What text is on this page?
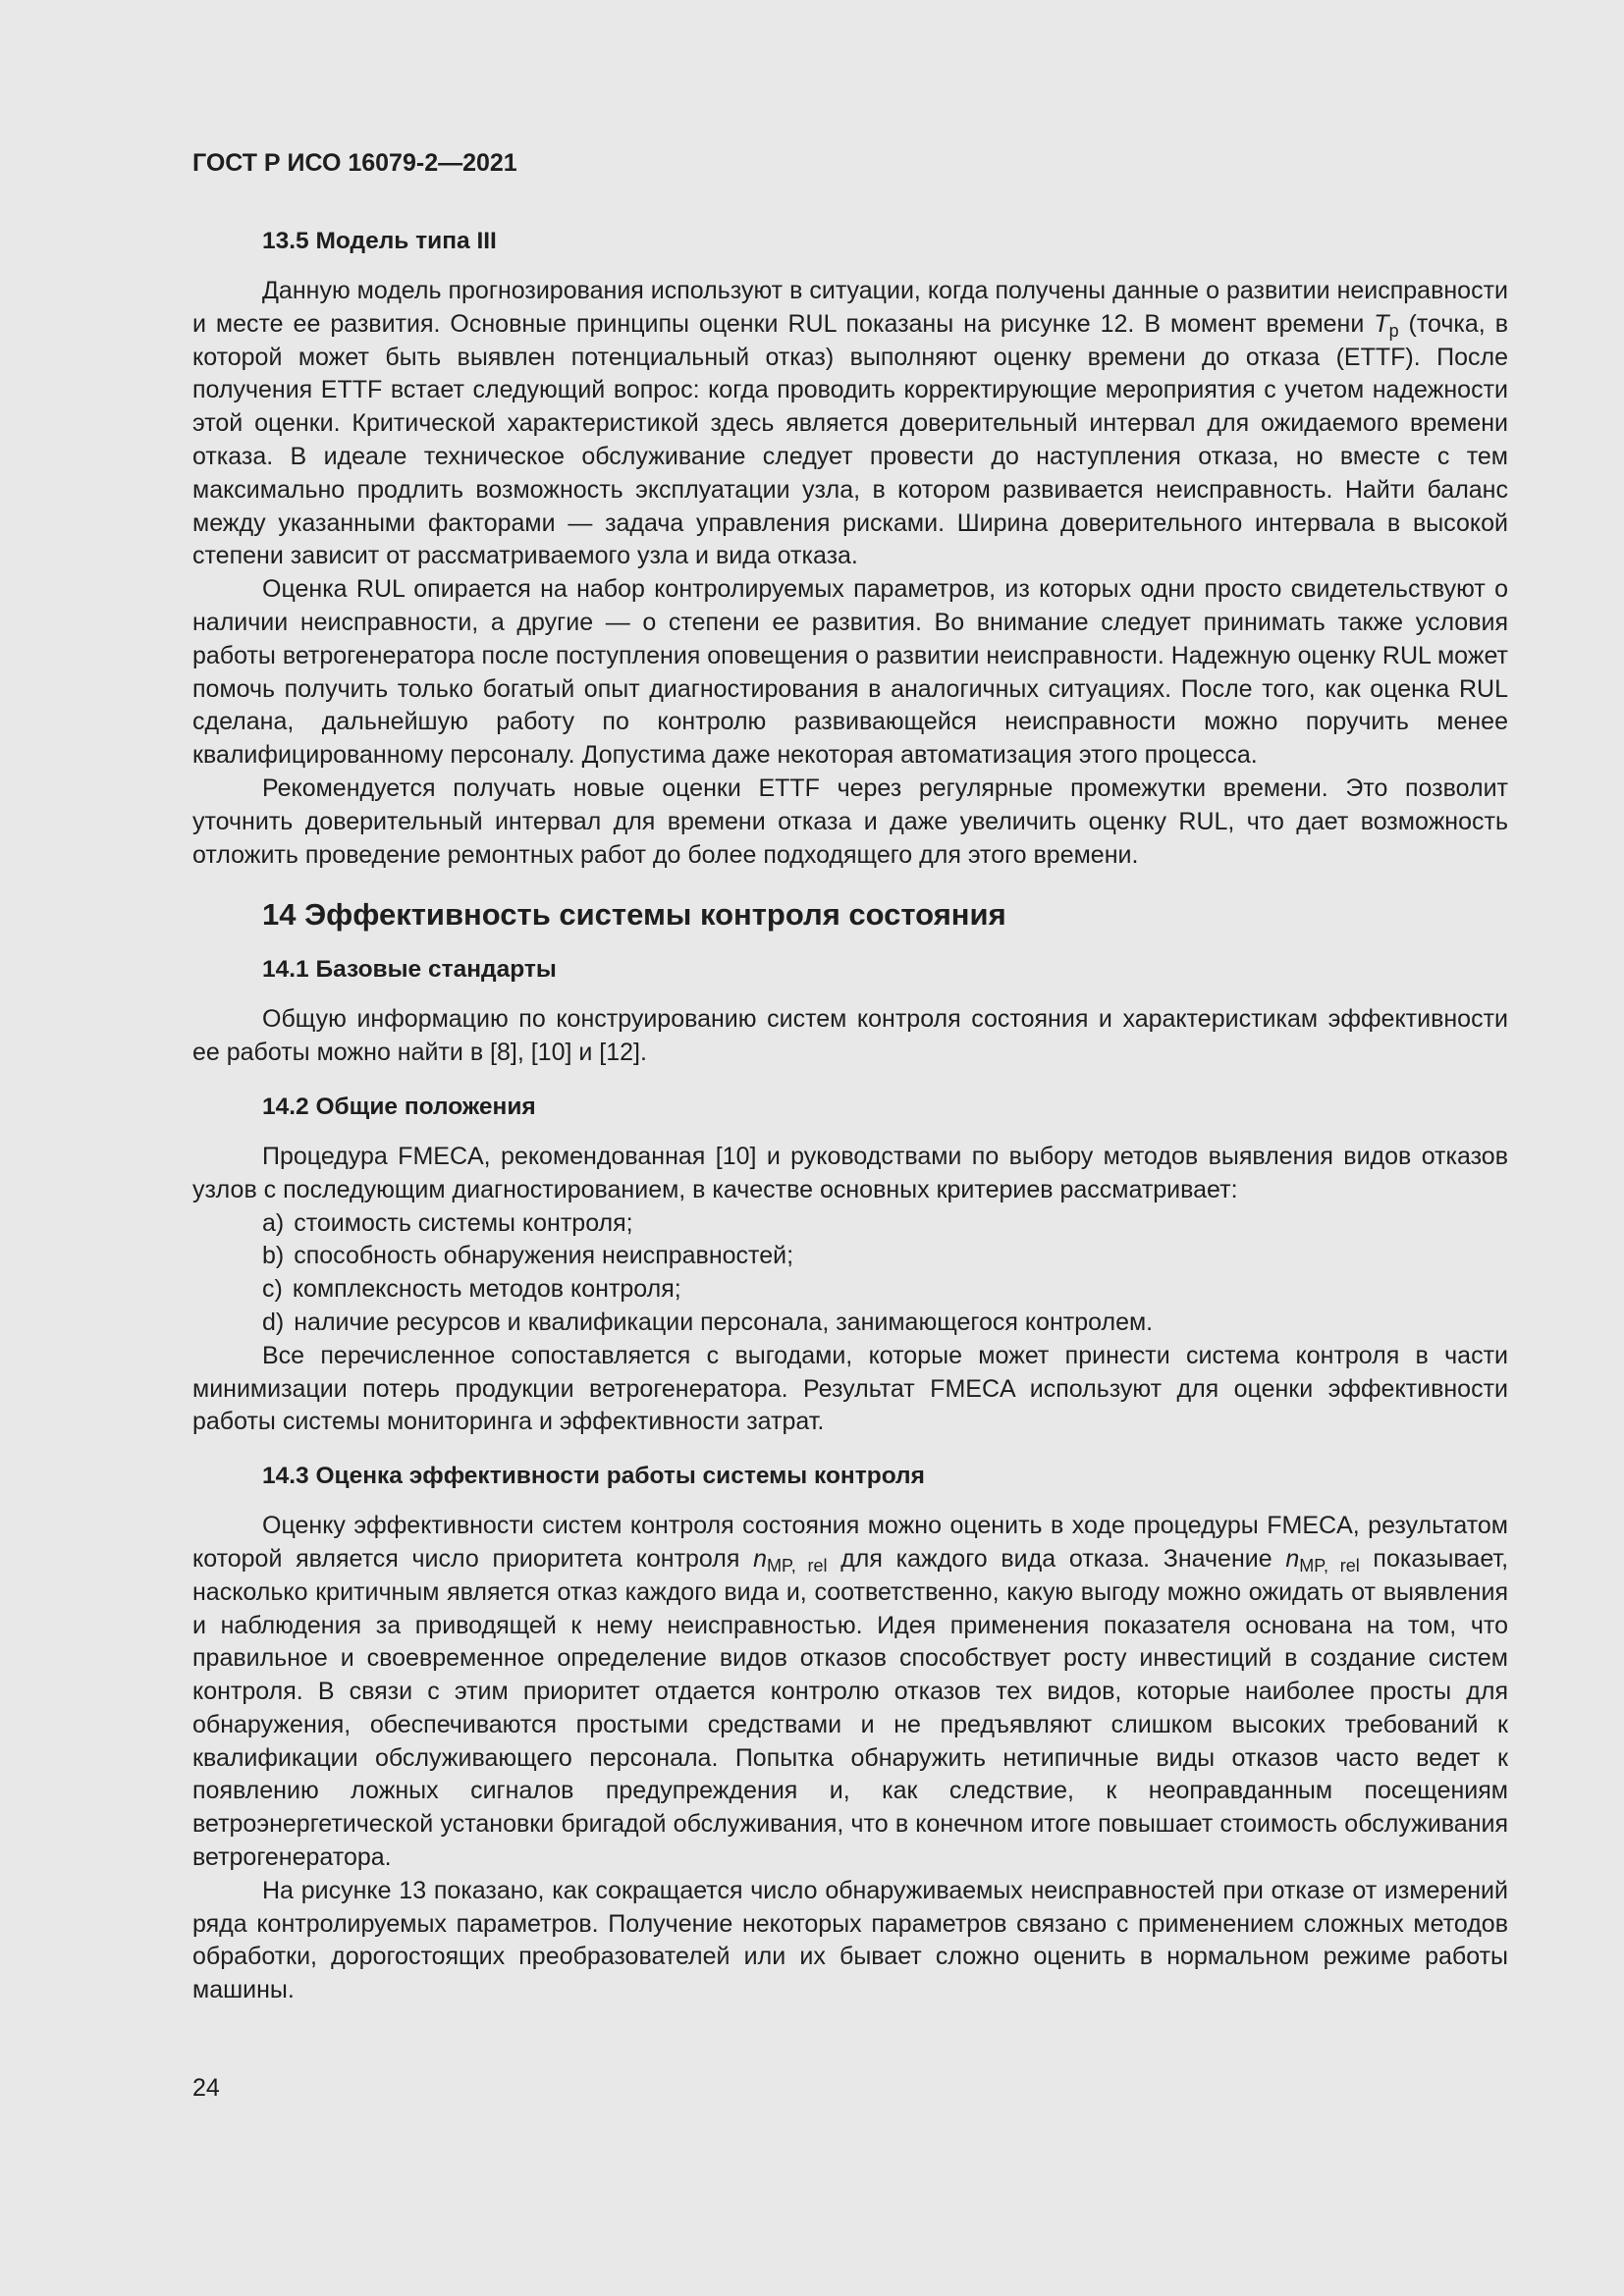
ГОСТ Р ИСО 16079-2—2021
13.5 Модель типа III

Данную модель прогнозирования используют в ситуации, когда получены данные о развитии неисправности и месте ее развития. Основные принципы оценки RUL показаны на рисунке 12. В момент времени $T_p$ (точка, в которой может быть выявлен потенциальный отказ) выполняют оценку времени до отказа (ETTF). После получения ETTF встает следующий вопрос: когда проводить корректирующие мероприятия с учетом надежности этой оценки. Критической характеристикой здесь является доверительный интервал для ожидаемого времени отказа. В идеале техническое обслуживание следует провести до наступления отказа, но вместе с тем максимально продлить возможность эксплуатации узла, в котором развивается неисправность. Найти баланс между указанными факторами — задача управления рисками. Ширина доверительного интервала в высокой степени зависит от рассматриваемого узла и вида отказа.

Оценка RUL опирается на набор контролируемых параметров, из которых одни просто свидетельствуют о наличии неисправности, а другие — о степени ее развития. Во внимание следует принимать также условия работы ветрогенератора после поступления оповещения о развитии неисправности. Надежную оценку RUL может помочь получить только богатый опыт диагностирования в аналогичных ситуациях. После того, как оценка RUL сделана, дальнейшую работу по контролю развивающейся неисправности можно поручить менее квалифицированному персоналу. Допустима даже некоторая автоматизация этого процесса.

Рекомендуется получать новые оценки ETTF через регулярные промежутки времени. Это позволит уточнить доверительный интервал для времени отказа и даже увеличить оценку RUL, что дает возможность отложить проведение ремонтных работ до более подходящего для этого времени.

14 Эффективность системы контроля состояния
14.1 Базовые стандарты

Общую информацию по конструированию систем контроля состояния и характеристикам эффективности ее работы можно найти в [8], [10] и [12].

14.2 Общие положения

Процедура FMECA, рекомендованная [10] и руководствами по выбору методов выявления видов отказов узлов с последующим диагностированием, в качестве основных критериев рассматривает:

a) стоимость системы контроля;
b) способность обнаружения неисправностей;
c) комплексность методов контроля;
d) наличие ресурсов и квалификации персонала, занимающегося контролем.

Все перечисленное сопоставляется с выгодами, которые может принести система контроля в части минимизации потерь продукции ветрогенератора. Результат FMECA используют для оценки эффективности работы системы мониторинга и эффективности затрат.

14.3 Оценка эффективности работы системы контроля

Оценку эффективности систем контроля состояния можно оценить в ходе процедуры FMECA, результатом которой является число приоритета контроля $n_{MP, rel}$ для каждого вида отказа. Значение $n_{MP, rel}$ показывает, насколько критичным является отказ каждого вида и, соответственно, какую выгоду можно ожидать от выявления и наблюдения за приводящей к нему неисправностью. Идея применения показателя основана на том, что правильное и своевременное определение видов отказов способствует росту инвестиций в создание систем контроля. В связи с этим приоритет отдается контролю отказов тех видов, которые наиболее просты для обнаружения, обеспечиваются простыми средствами и не предъявляют слишком высоких требований к квалификации обслуживающего персонала. Попытка обнаружить нетипичные виды отказов часто ведет к появлению ложных сигналов предупреждения и, как следствие, к неоправданным посещениям ветроэнергетической установки бригадой обслуживания, что в конечном итоге повышает стоимость обслуживания ветрогенератора.

На рисунке 13 показано, как сокращается число обнаруживаемых неисправностей при отказе от измерений ряда контролируемых параметров. Получение некоторых параметров связано с применением сложных методов обработки, дорогостоящих преобразователей или их бывает сложно оценить в нормальном режиме работы машины.

24
